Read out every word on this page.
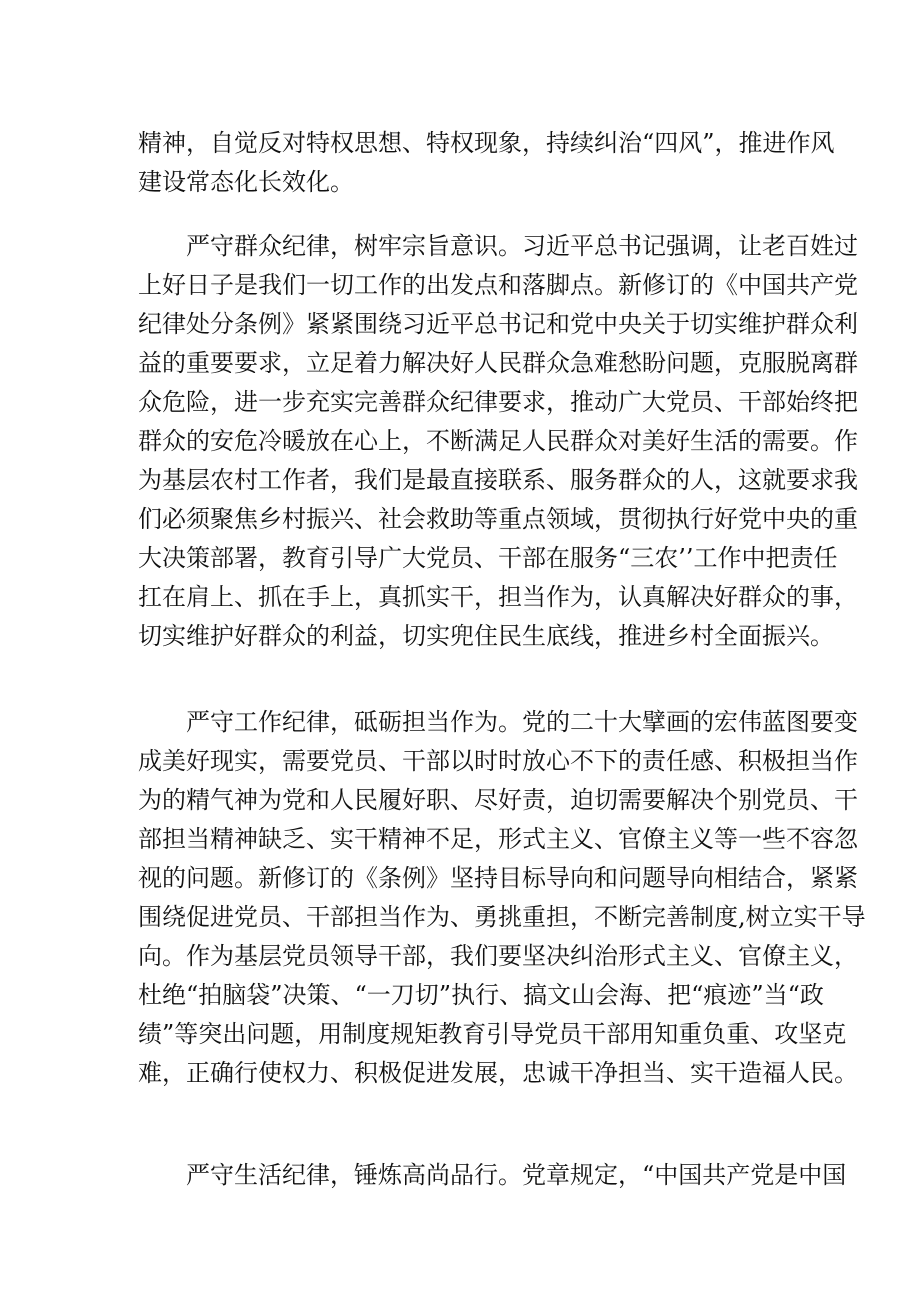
精神，自觉反对特权思想、特权现象，持续纠治“四风”，推进作风
建设常态化长效化。
严守群众纪律，树牢宗旨意识。习近平总书记强调，让老百姓过
上好日子是我们一切工作的出发点和落脚点。新修订的《中国共产党
纪律处分条例》紧紧围绕习近平总书记和党中央关于切实维护群众利
益的重要要求，立足着力解决好人民群众急难愁盼问题，克服脱离群
众危险，进一步充实完善群众纪律要求，推动广大党员、干部始终把
群众的安危冷暖放在心上，不断满足人民群众对美好生活的需要。作
为基层农村工作者，我们是最直接联系、服务群众的人，这就要求我
们必须聚焦乡村振兴、社会救助等重点领域，贯彻执行好党中央的重
大决策部署，教育引导广大党员、干部在服务“三农’’工作中把责任
扛在肩上、抓在手上，真抓实干，担当作为，认真解决好群众的事，
切实维护好群众的利益，切实兜住民生底线，推进乡村全面振兴。
严守工作纪律，砥砺担当作为。党的二十大擘画的宏伟蓝图要变
成美好现实，需要党员、干部以时时放心不下的责任感、积极担当作
为的精气神为党和人民履好职、尽好责，迫切需要解决个别党员、干
部担当精神缺乏、实干精神不足，形式主义、官僚主义等一些不容忽
视的问题。新修订的《条例》坚持目标导向和问题导向相结合，紧紧
围绕促进党员、干部担当作为、勇挑重担，不断完善制度,树立实干导
向。作为基层党员领导干部，我们要坚决纠治形式主义、官僚主义，
杜绝“拍脑袋”决策、“一刀切”执行、搞文山会海、把“痕迹”当“政
绩”等突出问题，用制度规矩教育引导党员干部用知重负重、攻坚克
难，正确行使权力、积极促进发展，忠诚干净担当、实干造福人民。
严守生活纪律，锤炼高尚品行。党章规定，“中国共产党是中国
